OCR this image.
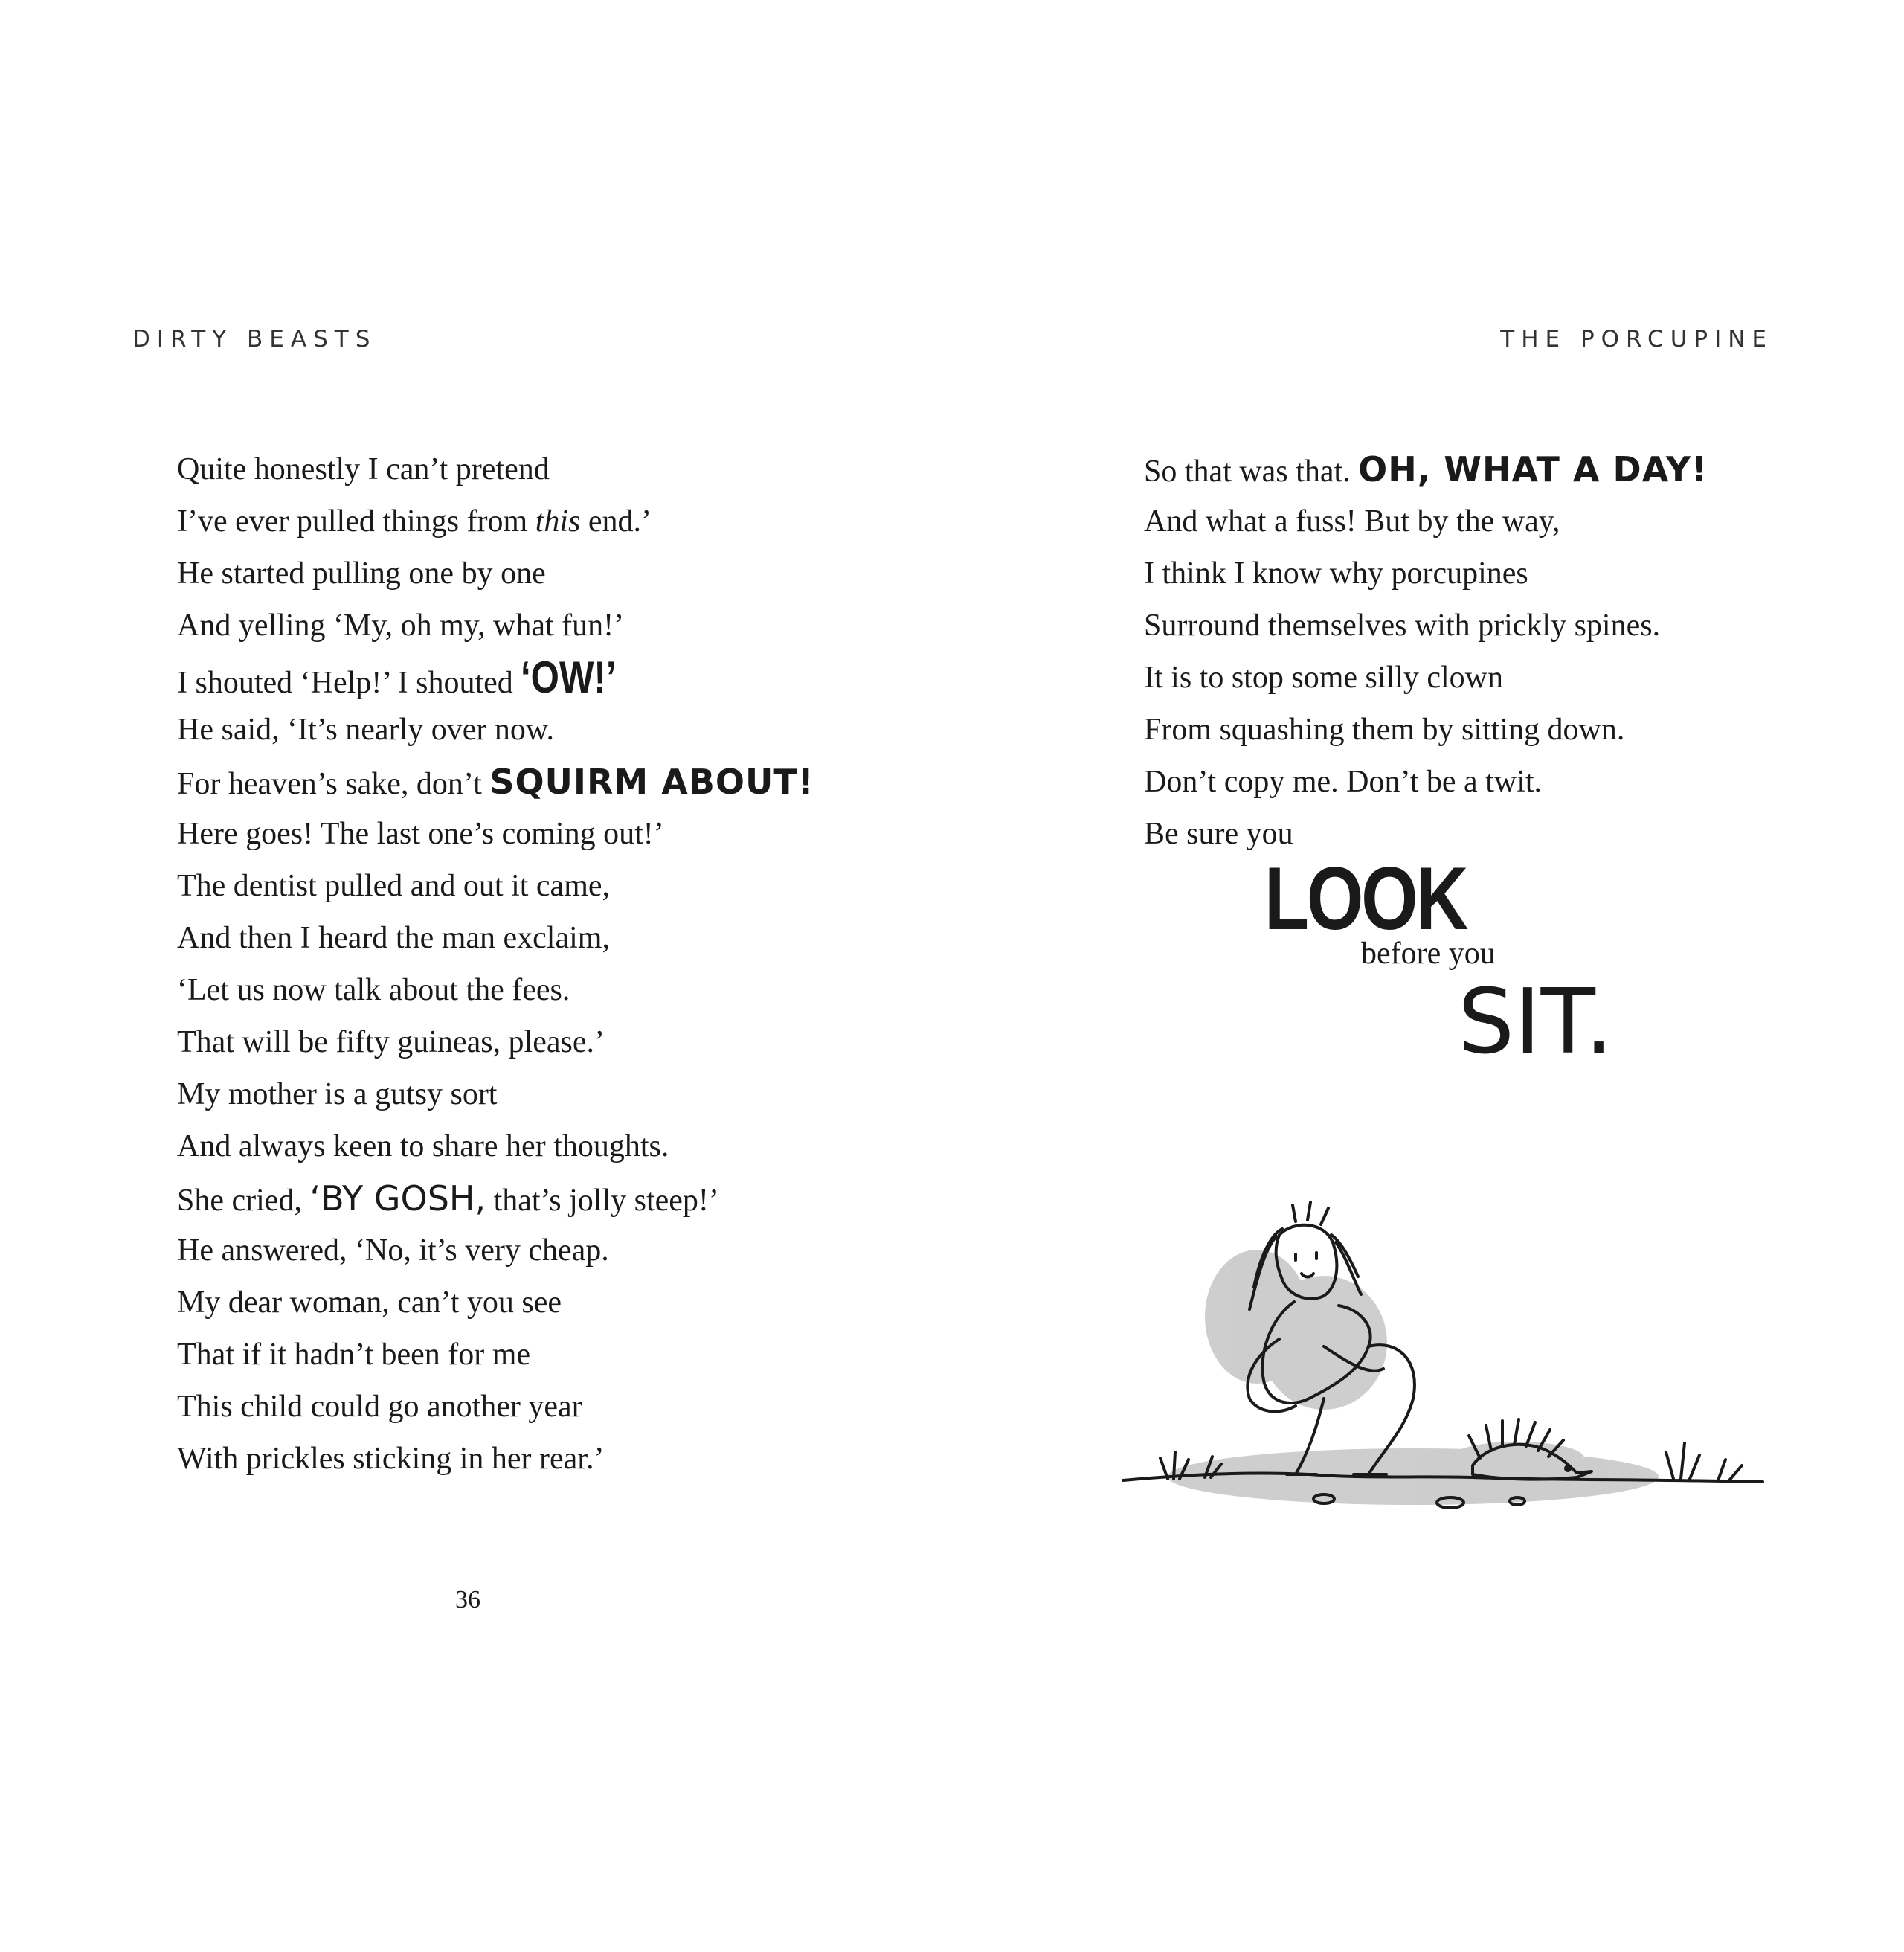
DIRTY BEASTS	THE PORCUPINE
Quite honestly I can’t pretend
I’ve ever pulled things from this end.’
He started pulling one by one
And yelling ‘My, oh my, what fun!’
I shouted ‘Help!’ I shouted ‘OW!’
He said, ‘It’s nearly over now.
For heaven’s sake, don’t SQUIRM ABOUT!
Here goes! The last one’s coming out!’
The dentist pulled and out it came,
And then I heard the man exclaim,
‘Let us now talk about the fees.
That will be fifty guineas, please.’
My mother is a gutsy sort
And always keen to share her thoughts.
She cried, ‘BY GOSH, that’s jolly steep!’
He answered, ‘No, it’s very cheap.
My dear woman, can’t you see
That if it hadn’t been for me
This child could go another year
With prickles sticking in her rear.’
36
So that was that. OH, WHAT A DAY!
And what a fuss! But by the way,
I think I know why porcupines
Surround themselves with prickly spines.
It is to stop some silly clown
From squashing them by sitting down.
Don’t copy me. Don’t be a twit.
Be sure you
LOOK
before you
SIT.
